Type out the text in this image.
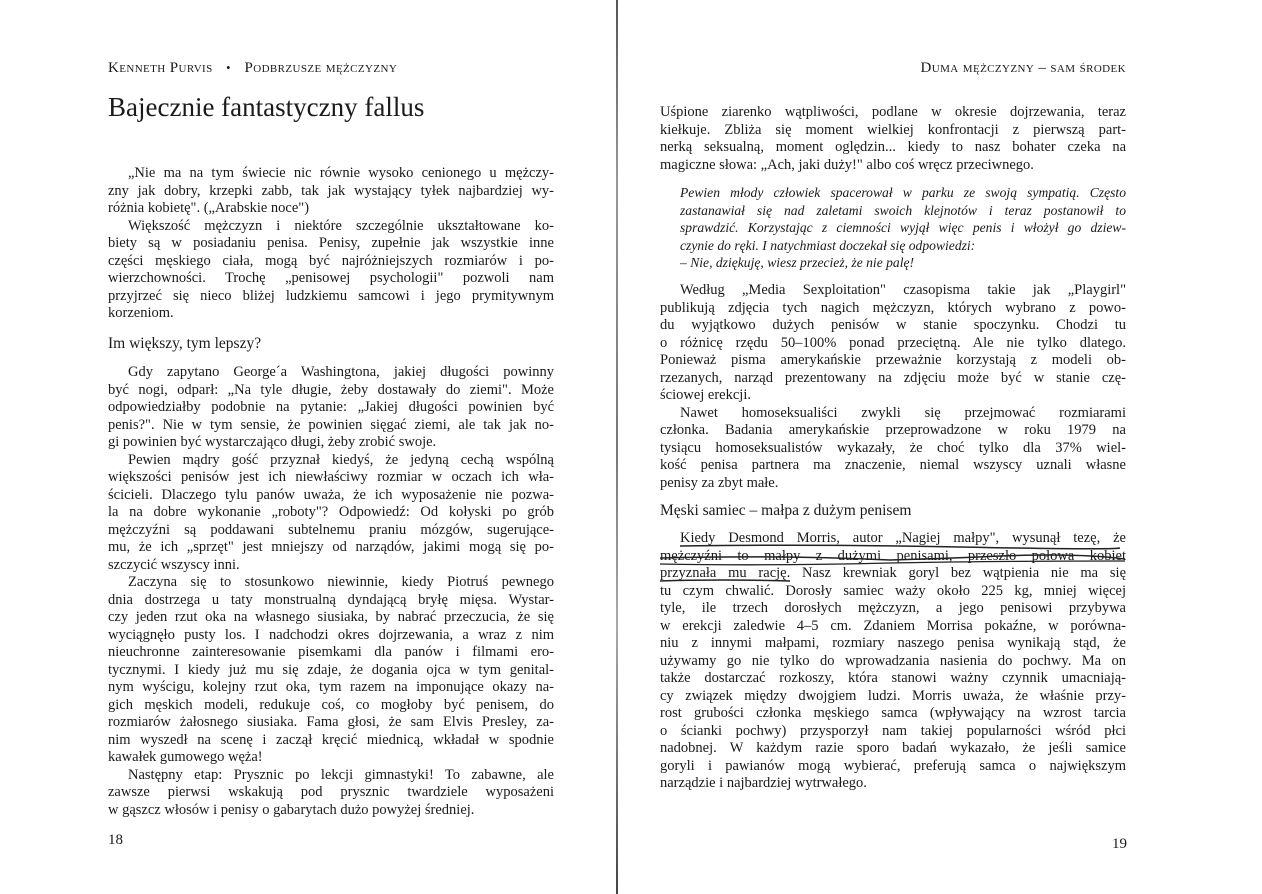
Kenneth Purvis • Podbrzusze mężczyzny
Bajecznie fantastyczny fallus
„Nie ma na tym świecie nic równie wysoko cenionego u mężczy-
zny jak dobry, krzepki zabb, tak jak wystający tyłek najbardziej wy-
różnia kobietę". („Arabskie noce")
Większość mężczyzn i niektóre szczególnie ukształtowane ko-
biety są w posiadaniu penisa. Penisy, zupełnie jak wszystkie inne
części męskiego ciała, mogą być najróżniejszych rozmiarów i po-
wierzchowności. Trochę „penisowej psychologii" pozwoli nam
przyjrzeć się nieco bliżej ludzkiemu samcowi i jego prymitywnym
korzeniom.
Im większy, tym lepszy?
Gdy zapytano George´a Washingtona, jakiej długości powinny
być nogi, odparł: „Na tyle długie, żeby dostawały do ziemi". Może
odpowiedziałby podobnie na pytanie: „Jakiej długości powinien być
penis?". Nie w tym sensie, że powinien sięgać ziemi, ale tak jak no-
gi powinien być wystarczająco długi, żeby zrobić swoje.
Pewien mądry gość przyznał kiedyś, że jedyną cechą wspólną
większości penisów jest ich niewłaściwy rozmiar w oczach ich wła-
ścicieli. Dlaczego tylu panów uważa, że ich wyposażenie nie pozwa-
la na dobre wykonanie „roboty"? Odpowiedź: Od kołyski po grób
mężczyźni są poddawani subtelnemu praniu mózgów, sugerujące-
mu, że ich „sprzęt" jest mniejszy od narządów, jakimi mogą się po-
szczycić wszyscy inni.
Zaczyna się to stosunkowo niewinnie, kiedy Piotruś pewnego
dnia dostrzega u taty monstrualną dyndającą bryłę mięsa. Wystar-
czy jeden rzut oka na własnego siusiaka, by nabrać przeczucia, że się
wyciągnęło pusty los. I nadchodzi okres dojrzewania, a wraz z nim
nieuchronne zainteresowanie pisemkami dla panów i filmami ero-
tycznymi. I kiedy już mu się zdaje, że dogania ojca w tym genital-
nym wyścigu, kolejny rzut oka, tym razem na imponujące okazy na-
gich męskich modeli, redukuje coś, co mogłoby być penisem, do
rozmiarów żałosnego siusiaka. Fama głosi, że sam Elvis Presley, za-
nim wyszedł na scenę i zaczął kręcić miednicą, wkładał w spodnie
kawałek gumowego węża!
Następny etap: Prysznic po lekcji gimnastyki! To zabawne, ale
zawsze pierwsi wskakują pod prysznic twardziele wyposażeni
w gąszcz włosów i penisy o gabarytach dużo powyżej średniej.
18
Duma mężczyzny – sam środek
Uśpione ziarenko wątpliwości, podlane w okresie dojrzewania, teraz
kiełkuje. Zbliża się moment wielkiej konfrontacji z pierwszą part-
nerką seksualną, moment oględzin... kiedy to nasz bohater czeka na
magiczne słowa: „Ach, jaki duży!" albo coś wręcz przeciwnego.
Pewien młody człowiek spacerował w parku ze swoją sympatią. Często
zastanawiał się nad zaletami swoich klejnotów i teraz postanowił to
sprawdzić. Korzystając z ciemności wyjął więc penis i włożył go dziew-
czynie do ręki. I natychmiast doczekał się odpowiedzi:
– Nie, dziękuję, wiesz przecież, że nie palę!
Według „Media Sexploitation" czasopisma takie jak „Playgirl"
publikują zdjęcia tych nagich mężczyzn, których wybrano z powo-
du wyjątkowo dużych penisów w stanie spoczynku. Chodzi tu
o różnicę rzędu 50–100% ponad przeciętną. Ale nie tylko dlatego.
Ponieważ pisma amerykańskie przeważnie korzystają z modeli ob-
rzezanych, narząd prezentowany na zdjęciu może być w stanie czę-
ściowej erekcji.
Nawet homoseksualiści zwykli się przejmować rozmiarami
członka. Badania amerykańskie przeprowadzone w roku 1979 na
tysiącu homoseksualistów wykazały, że choć tylko dla 37% wiel-
kość penisa partnera ma znaczenie, niemal wszyscy uznali własne
penisy za zbyt małe.
Męski samiec – małpa z dużym penisem
Kiedy Desmond Morris, autor „Nagiej małpy", wysunął tezę, że
mężczyźni to małpy z dużymi penisami, przeszło połowa kobiet
przyznała mu rację. Nasz krewniak goryl bez wątpienia nie ma się
tu czym chwalić. Dorosły samiec waży około 225 kg, mniej więcej
tyle, ile trzech dorosłych mężczyzn, a jego penisowi przybywa
w erekcji zaledwie 4–5 cm. Zdaniem Morrisa pokaźne, w porówna-
niu z innymi małpami, rozmiary naszego penisa wynikają stąd, że
używamy go nie tylko do wprowadzania nasienia do pochwy. Ma on
także dostarczać rozkoszy, która stanowi ważny czynnik umacniają-
cy związek między dwojgiem ludzi. Morris uważa, że właśnie przy-
rost grubości członka męskiego samca (wpływający na wzrost tarcia
o ścianki pochwy) przysporzył nam takiej popularności wśród płci
nadobnej. W każdym razie sporo badań wykazało, że jeśli samice
goryli i pawianów mogą wybierać, preferują samca o największym
narządzie i najbardziej wytrwałego.
19
